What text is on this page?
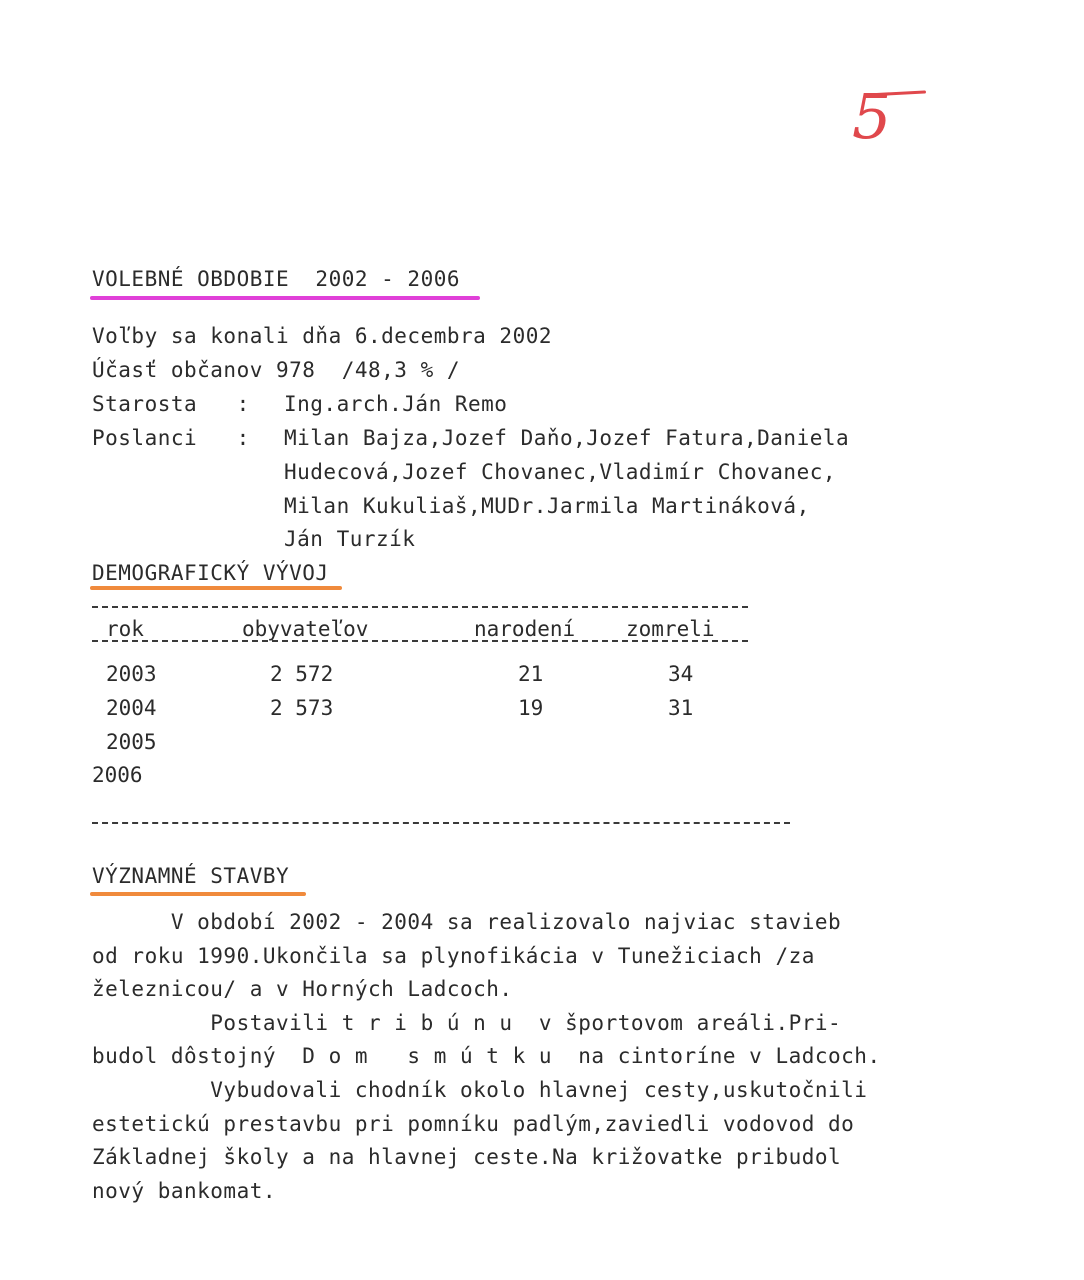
5
VOLEBNÉ OBDOBIE  2002 - 2006
Voľby sa konali dňa 6.decembra 2002
Účasť občanov 978  /48,3 % /
Starosta   : Ing.arch.Ján Remo
Poslanci   : Milan Bajza,Jozef Daňo,Jozef Fatura,Daniela
Hudecová,Jozef Chovanec,Vladimír Chovanec,
Milan Kukuliaš,MUDr.Jarmila Martináková,
Ján Turzík
DEMOGRAFICKÝ VÝVOJ
rok	obyvateľov	narodení zomreli
2003	2 572	21	34
2004	2 573	19	31
2005
2006
VÝZNAMNÉ STAVBY
V období 2002 - 2004 sa realizovalo najviac stavieb
od roku 1990.Ukončila sa plynofikácia v Tunežiciach /za
železnicou/ a v Horných Ladcoch.
Postavili t r i b ú n u  v športovom areáli.Pri-
budol dôstojný  D o m   s m ú t k u  na cintoríne v Ladcoch.
Vybudovali chodník okolo hlavnej cesty,uskutočnili
estetickú prestavbu pri pomníku padlým,zaviedli vodovod do
Základnej školy a na hlavnej ceste.Na križovatke pribudol
nový bankomat.
